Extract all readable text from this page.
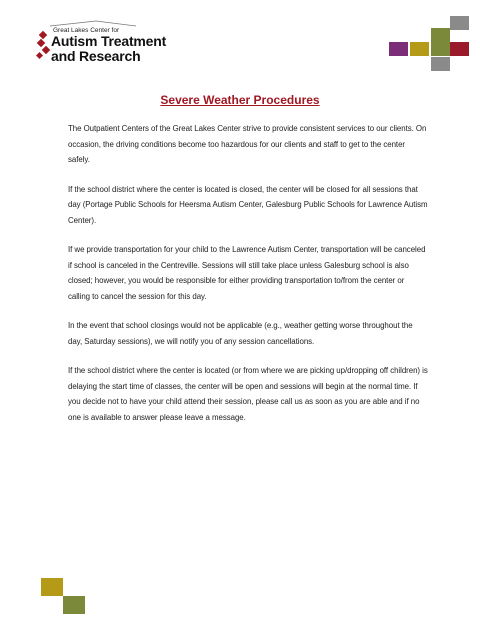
Great Lakes Center for
Autism Treatment
and Research
Severe Weather Procedures

The Outpatient Centers of the Great Lakes Center strive to provide consistent services to our clients. On occasion, the driving conditions become too hazardous for our clients and staff to get to the center safely.

If the school district where the center is located is closed, the center will be closed for all sessions that day (Portage Public Schools for Heersma Autism Center, Galesburg Public Schools for Lawrence Autism Center).

If we provide transportation for your child to the Lawrence Autism Center, transportation will be canceled if school is canceled in the Centreville. Sessions will still take place unless Galesburg school is also closed; however, you would be responsible for either providing transportation to/from the center or calling to cancel the session for this day.

In the event that school closings would not be applicable (e.g., weather getting worse throughout the day, Saturday sessions), we will notify you of any session cancellations.

If the school district where the center is located (or from where we are picking up/dropping off children) is delaying the start time of classes, the center will be open and sessions will begin at the normal time. If you decide not to have your child attend their session, please call us as soon as you are able and if no one is available to answer please leave a message.
